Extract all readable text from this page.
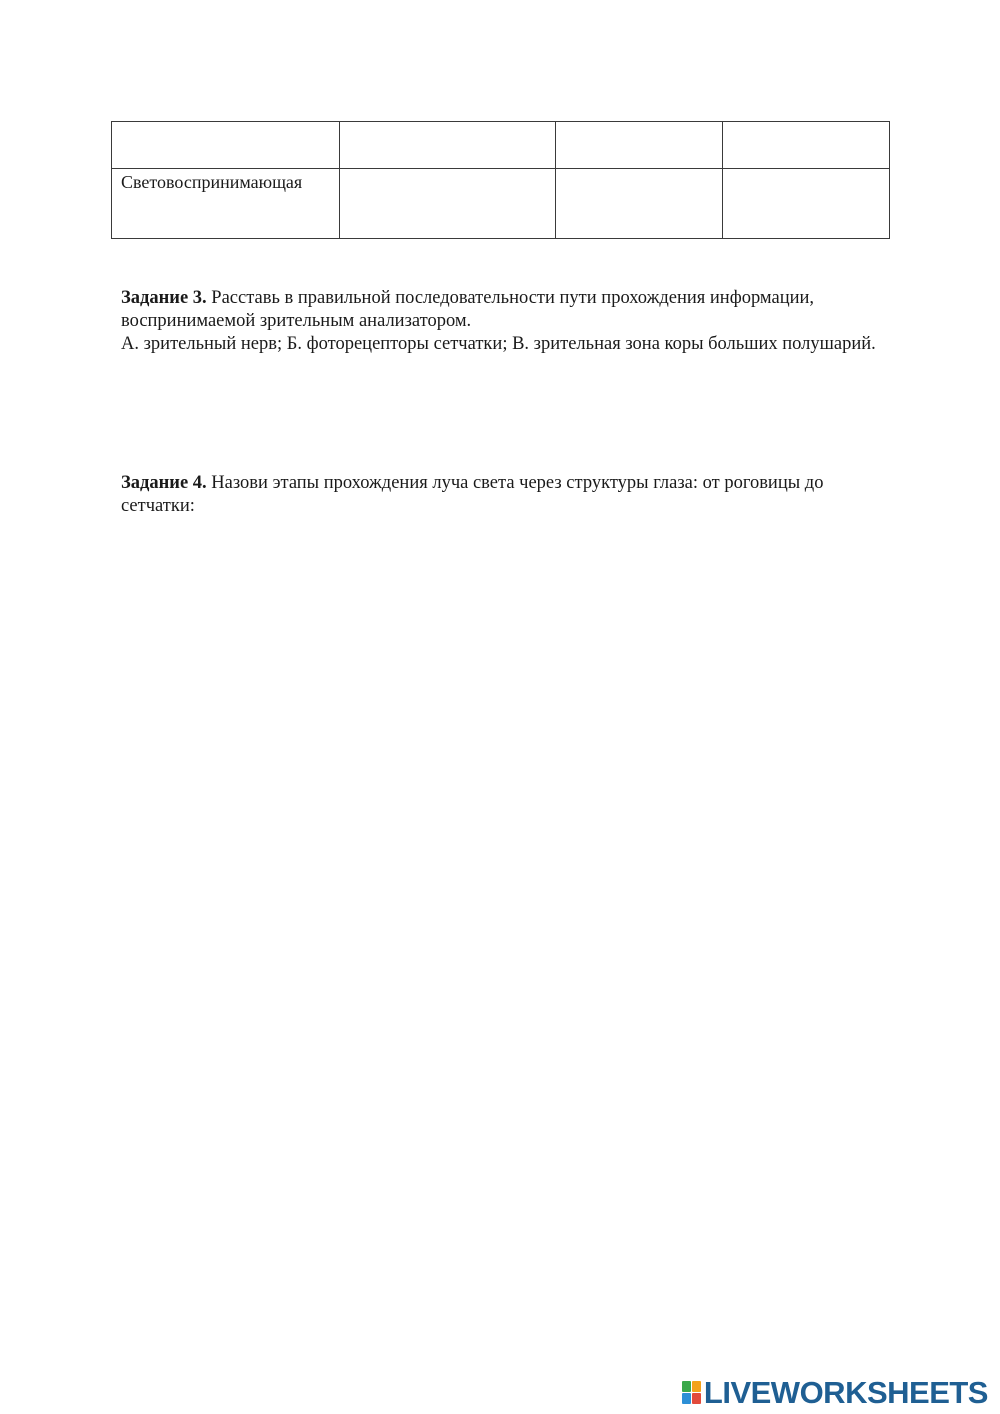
Световоспринимающая			

Задание 3. Расставь в правильной последовательности пути прохождения информации, воспринимаемой зрительным анализатором.
А. зрительный нерв; Б. фоторецепторы сетчатки; В. зрительная зона коры больших полушарий.

Задание 4. Назови этапы прохождения луча света через структуры глаза: от роговицы до сетчатки:

LIVEWORKSHEETS
